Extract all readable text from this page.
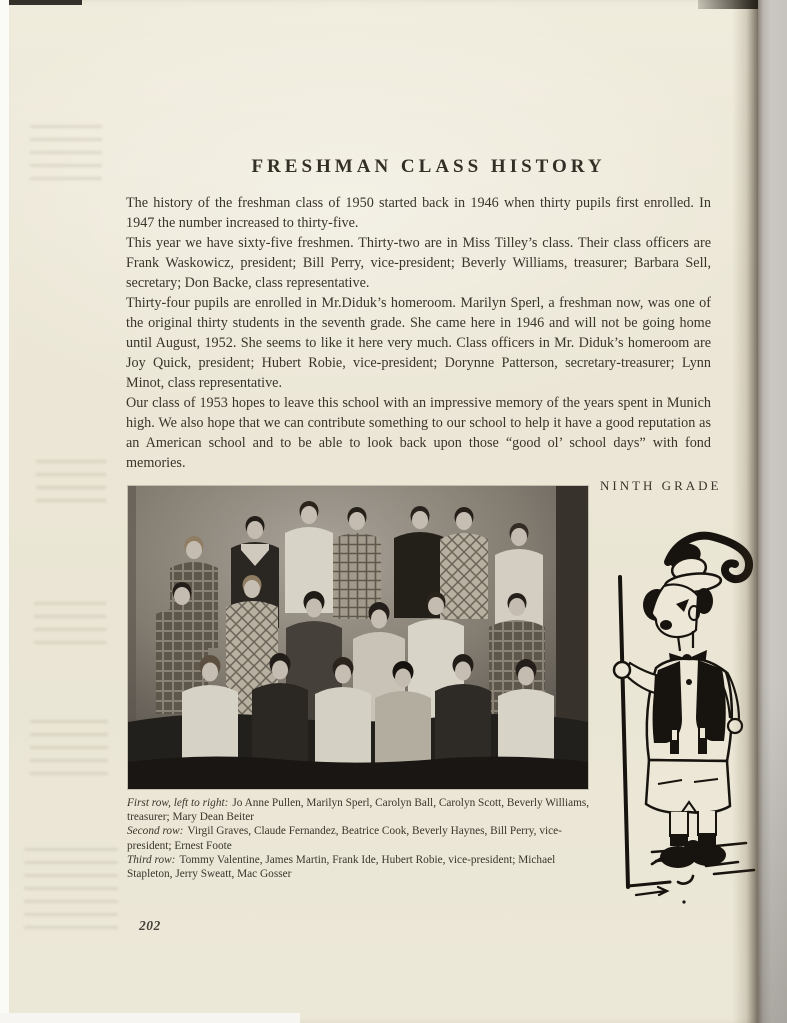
FRESHMAN CLASS HISTORY

The history of the freshman class of 1950 started back in 1946 when thirty pupils first enrolled. In 1947 the number increased to thirty-five.

This year we have sixty-five freshmen. Thirty-two are in Miss Tilley’s class. Their class officers are Frank Waskowicz, president; Bill Perry, vice-president; Beverly Williams, treasurer; Barbara Sell, secretary; Don Backe, class representative.

Thirty-four pupils are enrolled in Mr.Diduk’s homeroom. Marilyn Sperl, a freshman now, was one of the original thirty students in the seventh grade. She came here in 1946 and will not be going home until August, 1952. She seems to like it here very much. Class officers in Mr. Diduk’s homeroom are Joy Quick, president; Hubert Robie, vice-president; Dorynne Patterson, secretary-treasurer; Lynn Minot, class representative.

Our class of 1953 hopes to leave this school with an impressive memory of the years spent in Munich high. We also hope that we can contribute something to our school to help it have a good reputation as an American school and to be able to look back upon those “good ol’ school days” with fond memories.

NINTH GRADE
First row, left to right: Jo Anne Pullen, Marilyn Sperl, Carolyn Ball, Carolyn Scott, Beverly Williams, treasurer; Mary Dean Beiter
Second row: Virgil Graves, Claude Fernandez, Beatrice Cook, Beverly Haynes, Bill Perry, vice-president; Ernest Foote
Third row: Tommy Valentine, James Martin, Frank Ide, Hubert Robie, vice-president; Michael Stapleton, Jerry Sweatt, Mac Gosser
202
